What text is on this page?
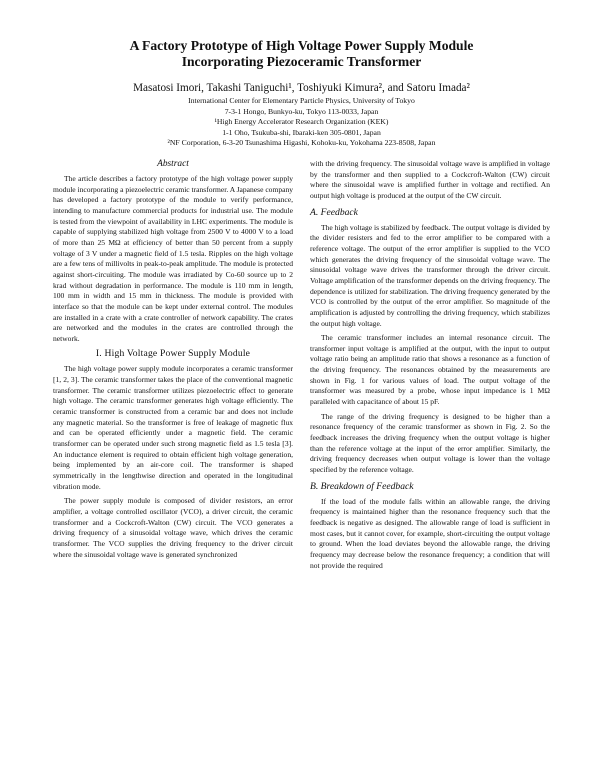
A Factory Prototype of High Voltage Power Supply Module
Incorporating Piezoceramic Transformer
Masatosi Imori, Takashi Taniguchi¹, Toshiyuki Kimura², and Satoru Imada²
International Center for Elementary Particle Physics, University of Tokyo
7-3-1 Hongo, Bunkyo-ku, Tokyo 113-0033, Japan
¹High Energy Accelerator Research Organization (KEK)
1-1 Oho, Tsukuba-shi, Ibaraki-ken 305-0801, Japan
²NF Corporation, 6-3-20 Tsunashima Higashi, Kohoku-ku, Yokohama 223-8508, Japan
Abstract

The article describes a factory prototype of the high voltage power supply module incorporating a piezoelectric ceramic transformer. A Japanese company has developed a factory prototype of the module to verify performance, intending to manufacture commercial products for industrial use. The module is tested from the viewpoint of availability in LHC experiments. The module is capable of supplying stabilized high voltage from 2500 V to 4000 V to a load of more than 25 MΩ at efficiency of better than 50 percent from a supply voltage of 3 V under a magnetic field of 1.5 tesla. Ripples on the high voltage are a few tens of millivolts in peak-to-peak amplitude. The module is protected against short-circuiting. The module was irradiated by Co-60 source up to 2 krad without degradation in performance. The module is 110 mm in length, 100 mm in width and 15 mm in thickness. The module is provided with interface so that the module can be kept under external control. The modules are installed in a crate with a crate controller of network capability. The crates are networked and the modules in the crates are controlled through the network.

I. High Voltage Power Supply Module

The high voltage power supply module incorporates a ceramic transformer [1, 2, 3]. The ceramic transformer takes the place of the conventional magnetic transformer. The ceramic transformer utilizes piezoelectric effect to generate high voltage. The ceramic transformer generates high voltage efficiently. The ceramic transformer is constructed from a ceramic bar and does not include any magnetic material. So the transformer is free of leakage of magnetic flux and can be operated efficiently under a magnetic field. The ceramic transformer can be operated under such strong magnetic field as 1.5 tesla [3]. An inductance element is required to obtain efficient high voltage generation, being implemented by an air-core coil. The transformer is shaped symmetrically in the lengthwise direction and operated in the longitudinal vibration mode.

The power supply module is composed of divider resistors, an error amplifier, a voltage controlled oscillator (VCO), a driver circuit, the ceramic transformer and a Cockcroft-Walton (CW) circuit. The VCO generates a driving frequency of a sinusoidal voltage wave, which drives the ceramic transformer. The VCO supplies the driving frequency to the driver circuit where the sinusoidal voltage wave is generated synchronized

with the driving frequency. The sinusoidal voltage wave is amplified in voltage by the transformer and then supplied to a Cockcroft-Walton (CW) circuit where the sinusoidal wave is amplified further in voltage and rectified. An output high voltage is produced at the output of the CW circuit.

A. Feedback

The high voltage is stabilized by feedback. The output voltage is divided by the divider resisters and fed to the error amplifier to be compared with a reference voltage. The output of the error amplifier is supplied to the VCO which generates the driving frequency of the sinusoidal voltage wave. The sinusoidal voltage wave drives the transformer through the driver circuit. Voltage amplification of the transformer depends on the driving frequency. The dependence is utilized for stabilization. The driving frequency generated by the VCO is controlled by the output of the error amplifier. So magnitude of the amplification is adjusted by controlling the driving frequency, which stabilizes the output high voltage.

The ceramic transformer includes an internal resonance circuit. The transformer input voltage is amplified at the output, with the input to output voltage ratio being an amplitude ratio that shows a resonance as a function of the driving frequency. The resonances obtained by the measurements are shown in Fig. 1 for various values of load. The output voltage of the transformer was measured by a probe, whose input impedance is 1 MΩ paralleled with capacitance of about 15 pF.

The range of the driving frequency is designed to be higher than a resonance frequency of the ceramic transformer as shown in Fig. 2. So the feedback increases the driving frequency when the output voltage is higher than the reference voltage at the input of the error amplifier. Similarly, the driving frequency decreases when output voltage is lower than the voltage specified by the reference voltage.

B. Breakdown of Feedback

If the load of the module falls within an allowable range, the driving frequency is maintained higher than the resonance frequency such that the feedback is negative as designed. The allowable range of load is sufficient in most cases, but it cannot cover, for example, short-circuiting the output voltage to ground. When the load deviates beyond the allowable range, the driving frequency may decrease below the resonance frequency; a condition that will not provide the required
